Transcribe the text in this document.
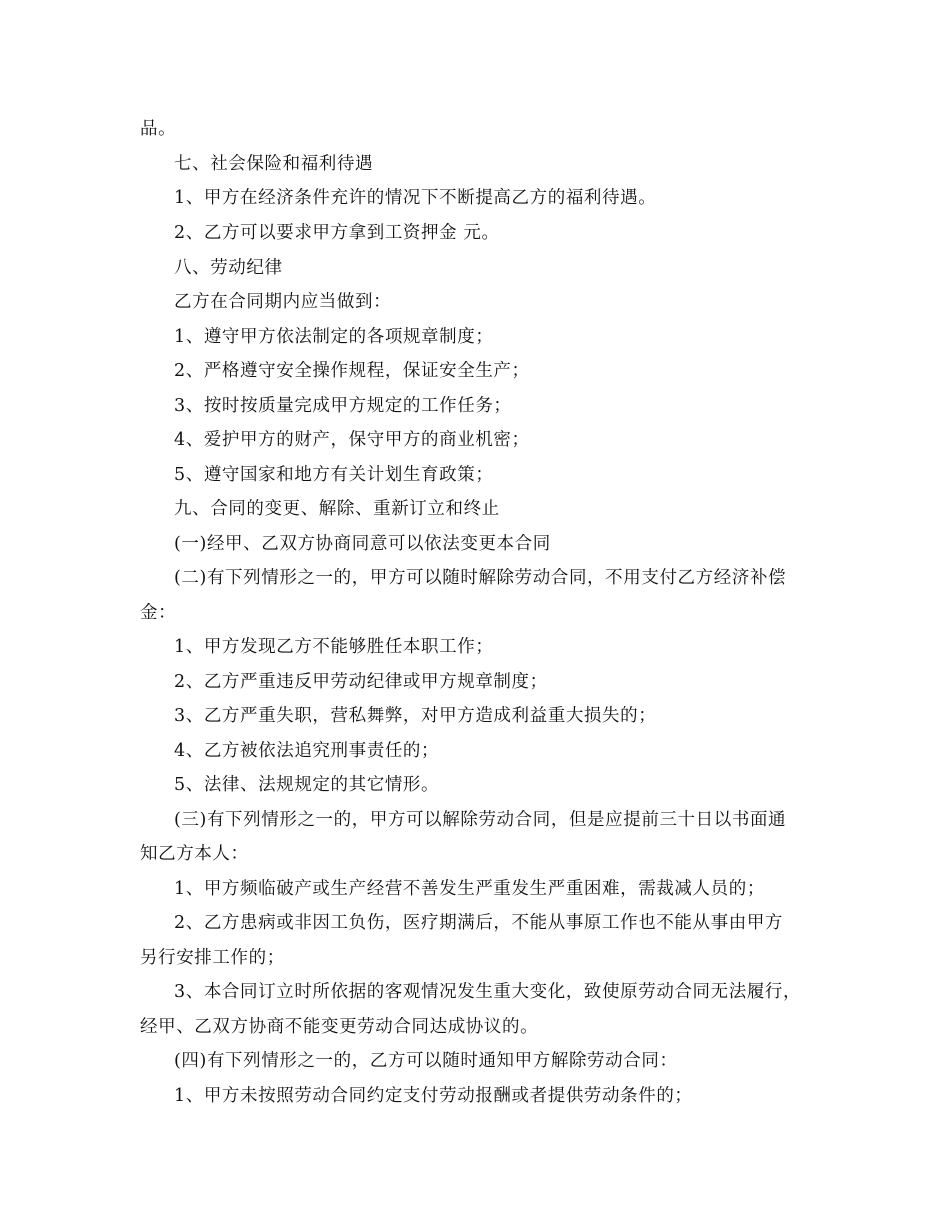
品。
七、社会保险和福利待遇
1、甲方在经济条件充许的情况下不断提高乙方的福利待遇。
2、乙方可以要求甲方拿到工资押金 元。
八、劳动纪律
乙方在合同期内应当做到：
1、遵守甲方依法制定的各项规章制度；
2、严格遵守安全操作规程，保证安全生产；
3、按时按质量完成甲方规定的工作任务；
4、爱护甲方的财产，保守甲方的商业机密；
5、遵守国家和地方有关计划生育政策；
九、合同的变更、解除、重新订立和终止
(一)经甲、乙双方协商同意可以依法变更本合同
(二)有下列情形之一的，甲方可以随时解除劳动合同，不用支付乙方经济补偿
金：
1、甲方发现乙方不能够胜任本职工作；
2、乙方严重违反甲劳动纪律或甲方规章制度；
3、乙方严重失职，营私舞弊，对甲方造成利益重大损失的；
4、乙方被依法追究刑事责任的；
5、法律、法规规定的其它情形。
(三)有下列情形之一的，甲方可以解除劳动合同，但是应提前三十日以书面通
知乙方本人：
1、甲方频临破产或生产经营不善发生严重发生严重困难，需裁减人员的；
2、乙方患病或非因工负伤，医疗期满后，不能从事原工作也不能从事由甲方
另行安排工作的；
3、本合同订立时所依据的客观情况发生重大变化，致使原劳动合同无法履行，
经甲、乙双方协商不能变更劳动合同达成协议的。
(四)有下列情形之一的，乙方可以随时通知甲方解除劳动合同：
1、甲方未按照劳动合同约定支付劳动报酬或者提供劳动条件的；
